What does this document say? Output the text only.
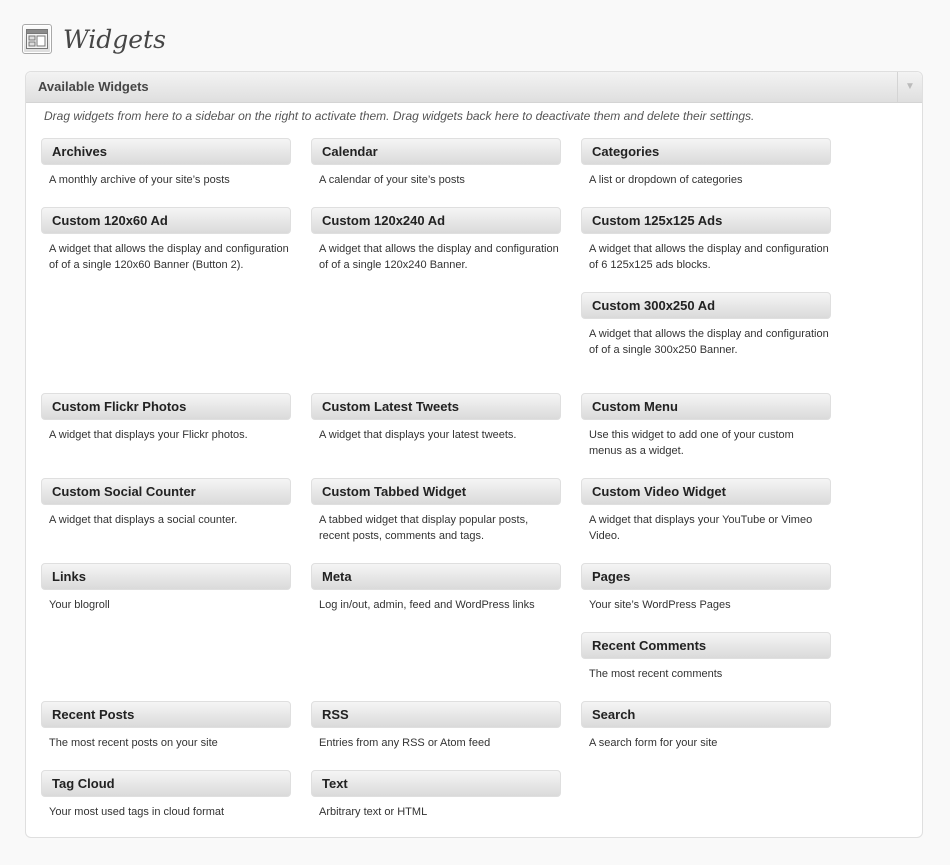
Widgets
Available Widgets	▼

Drag widgets from here to a sidebar on the right to activate them. Drag widgets back here to deactivate them and delete their settings.

Archives
A monthly archive of your site’s posts
Calendar
A calendar of your site’s posts
Categories
A list or dropdown of categories
Custom 120x60 Ad
A widget that allows the display and configuration of of a single 120x60 Banner (Button 2).
Custom 120x240 Ad
A widget that allows the display and configuration of of a single 120x240 Banner.
Custom 125x125 Ads
A widget that allows the display and configuration of 6 125x125 ads blocks.
Custom 300x250 Ad
A widget that allows the display and configuration of of a single 300x250 Banner.
Custom Flickr Photos
A widget that displays your Flickr photos.
Custom Latest Tweets
A widget that displays your latest tweets.
Custom Menu
Use this widget to add one of your custom menus as a widget.
Custom Social Counter
A widget that displays a social counter.
Custom Tabbed Widget
A tabbed widget that display popular posts, recent posts, comments and tags.
Custom Video Widget
A widget that displays your YouTube or Vimeo Video.
Links
Your blogroll
Meta
Log in/out, admin, feed and WordPress links
Pages
Your site’s WordPress Pages
Recent Comments
The most recent comments
Recent Posts
The most recent posts on your site
RSS
Entries from any RSS or Atom feed
Search
A search form for your site
Tag Cloud
Your most used tags in cloud format
Text
Arbitrary text or HTML
